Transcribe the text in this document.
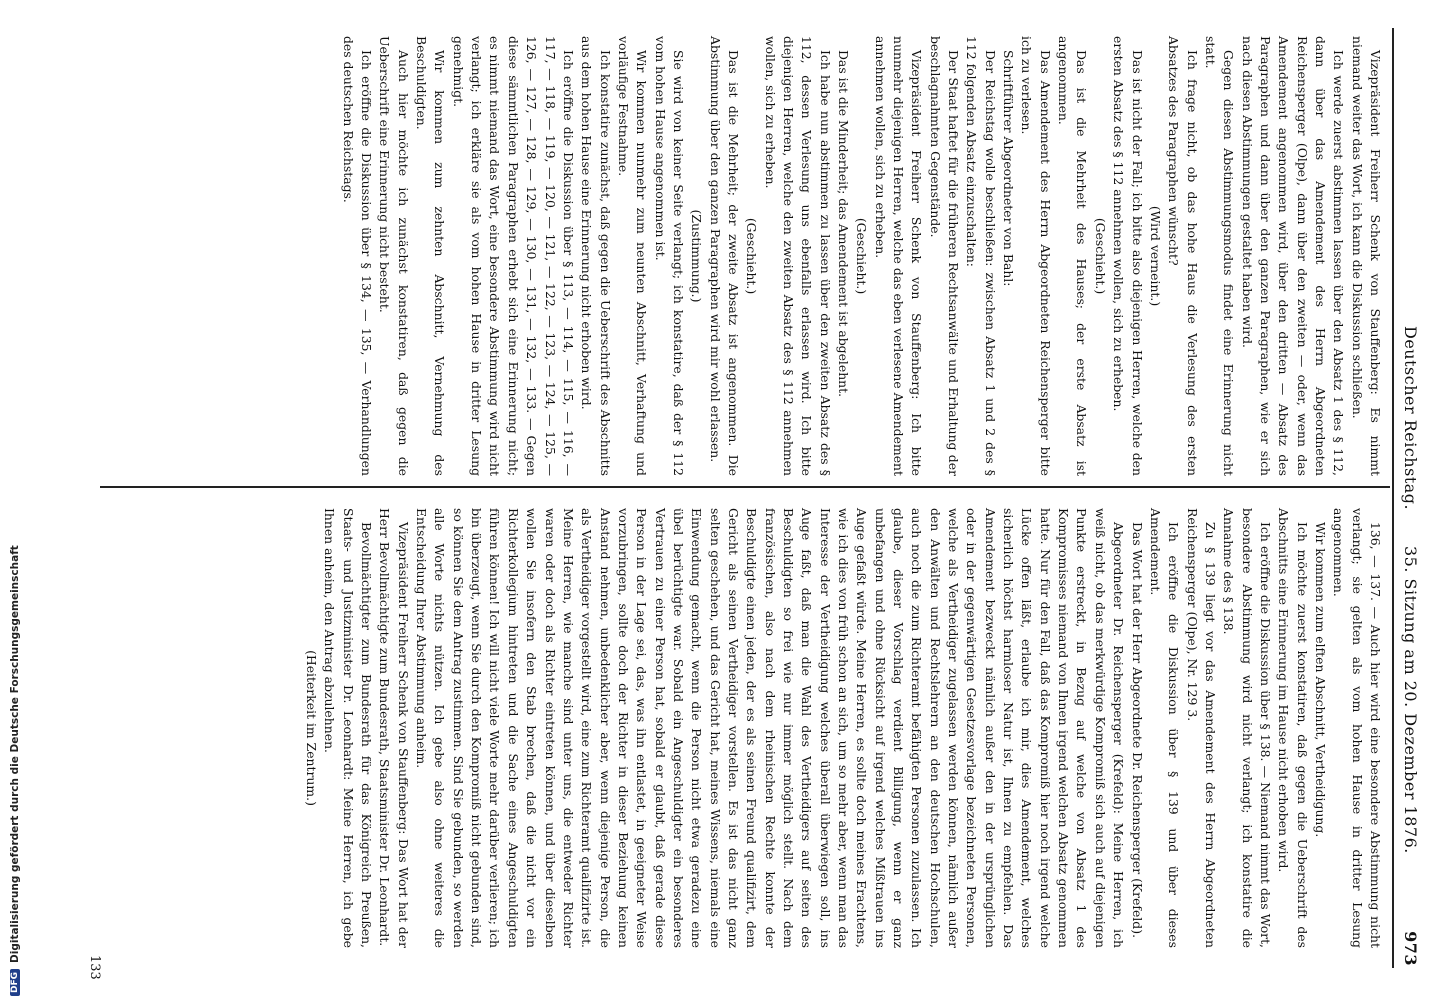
Deutscher Reichstag.
35. Sitzung am 20. Dezember 1876.
973

Vizepräsident Freiherr Schenk von Stauffenberg: Es nimmt niemand weiter das Wort, ich kann die Diskussion schließen.

Ich werde zuerst abstimmen lassen über den Absatz 1 des § 112, dann über das Amendement des Herrn Abgeordneten Reichensperger (Olpe), dann über den zweiten — oder, wenn das Amendement angenommen wird, über den dritten — Absatz des Paragraphen und dann über den ganzen Paragraphen, wie er sich nach diesen Abstimmungen gestaltet haben wird.

Gegen diesen Abstimmungsmodus findet eine Erinnerung nicht statt.

Ich frage nicht, ob das hohe Haus die Verlesung des ersten Absatzes des Paragraphen wünscht?

(Wird verneint.)

Das ist nicht der Fall; ich bitte also diejenigen Herren, welche den ersten Absatz des § 112 annehmen wollen, sich zu erheben.

(Geschieht.)

Das ist die Mehrheit des Hauses; der erste Absatz ist angenommen.

Das Amendement des Herrn Abgeordneten Reichensperger bitte ich zu verlesen.

Schriftführer Abgeordneter von Bahl:

Der Reichstag wolle beschließen: zwischen Absatz 1 und 2 des § 112 folgenden Absatz einzuschalten:

Der Staat haftet für die früheren Rechtsanwälte und Erhaltung der beschlagnahmten Gegenstände.

Vizepräsident Freiherr Schenk von Stauffenberg: Ich bitte nunmehr diejenigen Herren, welche das eben verlesene Amendement annehmen wollen, sich zu erheben.

(Geschieht.)

Das ist die Minderheit; das Amendement ist abgelehnt.

Ich habe nun abstimmen zu lassen über den zweiten Absatz des § 112, dessen Verlesung uns ebenfalls erlassen wird. Ich bitte diejenigen Herren, welche den zweiten Absatz des § 112 annehmen wollen, sich zu erheben.

(Geschieht.)

Das ist die Mehrheit; der zweite Absatz ist angenommen. Die Abstimmung über den ganzen Paragraphen wird mir wohl erlassen.

(Zustimmung.)

Sie wird von keiner Seite verlangt; ich konstatire, daß der § 112 vom hohen Hause angenommen ist.

Wir kommen nunmehr zum neunten Abschnitt, Verhaftung und vorläufige Festnahme.

Ich konstatire zunächst, daß gegen die Ueberschrift des Abschnitts aus dem hohen Hause eine Erinnerung nicht erhoben wird.

Ich eröffne die Diskussion über § 113, — 114, — 115, — 116, — 117, — 118, — 119, — 120, — 121, — 122, — 123, — 124, — 125, — 126, — 127, — 128, — 129, — 130, — 131, — 132, — 133. — Gegen diese sämmtlichen Paragraphen erhebt sich eine Erinnerung nicht; es nimmt niemand das Wort, eine besondere Abstimmung wird nicht verlangt; ich erkläre sie als vom hohen Hause in dritter Lesung genehmigt.

Wir kommen zum zehnten Abschnitt, Vernehmung des Beschuldigten.

Auch hier möchte ich zunächst konstatiren, daß gegen die Ueberschrift eine Erinnerung nicht besteht.

Ich eröffne die Diskussion über § 134, — 135, — Verhandlungen des deutschen Reichstags.

136, — 137. — Auch hier wird eine besondere Abstimmung nicht verlangt; sie gelten als vom hohen Hause in dritter Lesung angenommen.

Wir kommen zum elften Abschnitt, Vertheidigung.

Ich möchte zuerst konstatiren, daß gegen die Ueberschrift des Abschnitts eine Erinnerung im Hause nicht erhoben wird.

Ich eröffne die Diskussion über § 138. — Niemand nimmt das Wort, besondere Abstimmung wird nicht verlangt; ich konstatire die Annahme des § 138.

Zu § 139 liegt vor das Amendement des Herrn Abgeordneten Reichensperger (Olpe), Nr. 129 3.

Ich eröffne die Diskussion über § 139 und über dieses Amendement.

Das Wort hat der Herr Abgeordnete Dr. Reichensperger (Krefeld).

Abgeordneter Dr. Reichensperger (Krefeld): Meine Herren, ich weiß nicht, ob das merkwürdige Kompromiß sich auch auf diejenigen Punkte erstreckt, in Bezug auf welche von Absatz 1 des Kompromisses niemand von Ihnen irgend welchen Absatz genommen hatte. Nur für den Fall, daß das Kompromiß hier noch irgend welche Lücke offen läßt, erlaube ich mir, dies Amendement, welches sicherlich höchst harmloser Natur ist, Ihnen zu empfehlen. Das Amendement bezweckt nämlich außer den in der ursprünglichen oder in der gegenwärtigen Gesetzesvorlage bezeichneten Personen, welche als Vertheidiger zugelassen werden können, nämlich außer den Anwälten und Rechtslehrern an den deutschen Hochschulen, auch noch die zum Richteramt befähigten Personen zuzulassen. Ich glaube, dieser Vorschlag verdient Billigung, wenn er ganz unbefangen und ohne Rücksicht auf irgend welches Mißtrauen ins Auge gefaßt würde. Meine Herren, es sollte doch meines Erachtens, wie ich dies von früh schon an sich, um so mehr aber, wenn man das Interesse der Vertheidigung welches überall überwiegen soll, ins Auge faßt, daß man die Wahl des Vertheidigers auf seiten des Beschuldigten so frei wie nur immer möglich stellt. Nach dem französischen, also nach dem rheinischen Rechte konnte der Beschuldigte einen jeden, der es als seinen Freund qualifizirt, dem Gericht als seinen Vertheidiger vorstellen. Es ist das nicht ganz selten geschehen, und das Gericht hat, meines Wissens, niemals eine Einwendung gemacht, wenn die Person nicht etwa geradezu eine übel berüchtigte war. Sobald ein Angeschuldigter ein besonderes Vertrauen zu einer Person hat, sobald er glaubt, daß gerade diese Person in der Lage sei, das, was ihn entlastet, in geeigneter Weise vorzubringen, sollte doch der Richter in dieser Beziehung keinen Anstand nehmen, unbedenklicher aber, wenn diejenige Person, die als Vertheidiger vorgestellt wird, eine zum Richteramt qualifizirte ist. Meine Herren, wie manche sind unter uns, die entweder Richter waren oder doch als Richter eintreten können, und über dieselben wollen Sie insofern den Stab brechen, daß die nicht vor ein Richterkollegium hintreten und die Sache eines Angeschuldigten führen können! Ich will nicht viele Worte mehr darüber verlieren; ich bin überzeugt, wenn Sie durch den Kompromiß nicht gebunden sind, so können Sie dem Antrag zustimmen. Sind Sie gebunden, so werden alle Worte nichts nützen. Ich gebe also ohne weiteres die Entscheidung Ihrer Abstimmung anheim.

Vizepräsident Freiherr Schenk von Stauffenberg: Das Wort hat der Herr Bevollmächtigte zum Bundesrath, Staatsminister Dr. Leonhardt.

Bevollmächtigter zum Bundesrath für das Königreich Preußen, Staats- und Justizminister Dr. Leonhardt: Meine Herren, ich gebe Ihnen anheim, den Antrag abzulehnen.

(Heiterkeit im Zentrum.)

133
DFG
Digitalisierung gefördert durch die Deutsche Forschungsgemeinschaft
